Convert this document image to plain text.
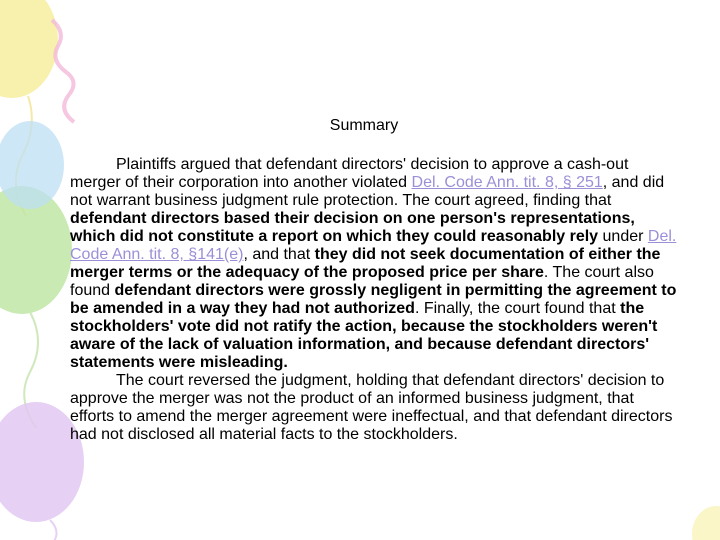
Summary

Plaintiffs argued that defendant directors' decision to approve a cash-out merger of their corporation into another violated Del. Code Ann. tit. 8, § 251, and did not warrant business judgment rule protection. The court agreed, finding that defendant directors based their decision on one person's representations, which did not constitute a report on which they could reasonably rely under Del. Code Ann. tit. 8, §141(e), and that they did not seek documentation of either the merger terms or the adequacy of the proposed price per share. The court also found defendant directors were grossly negligent in permitting the agreement to be amended in a way they had not authorized. Finally, the court found that the stockholders' vote did not ratify the action, because the stockholders weren't aware of the lack of valuation information, and because defendant directors' statements were misleading.

The court reversed the judgment, holding that defendant directors' decision to approve the merger was not the product of an informed business judgment, that efforts to amend the merger agreement were ineffectual, and that defendant directors had not disclosed all material facts to the stockholders.
